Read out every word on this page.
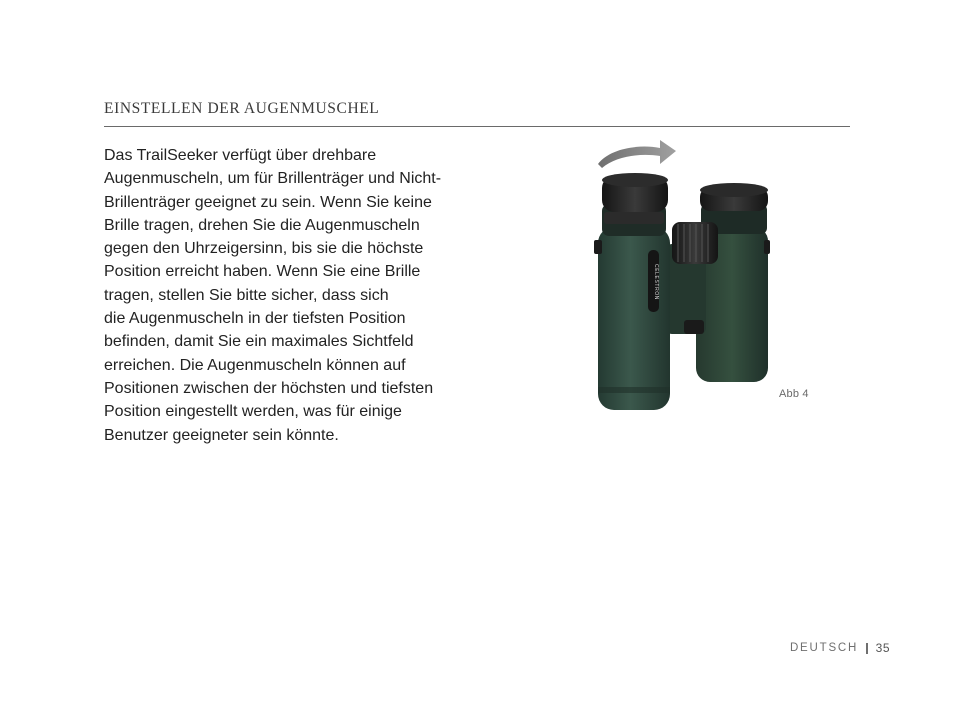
EINSTELLEN DER AUGENMUSCHEL

Das TrailSeeker verfügt über drehbare
Augenmuscheln, um für Brillenträger und Nicht-
Brillenträger geeignet zu sein. Wenn Sie keine
Brille tragen, drehen Sie die Augenmuscheln
gegen den Uhrzeigersinn, bis sie die höchste
Position erreicht haben. Wenn Sie eine Brille
tragen, stellen Sie bitte sicher, dass sich
die Augenmuscheln in der tiefsten Position
befinden, damit Sie ein maximales Sichtfeld
erreichen. Die Augenmuscheln können auf
Positionen zwischen der höchsten und tiefsten
Position eingestellt werden, was für einige
Benutzer geeigneter sein könnte.

CELESTRON
Abb 4
DEUTSCH 35
